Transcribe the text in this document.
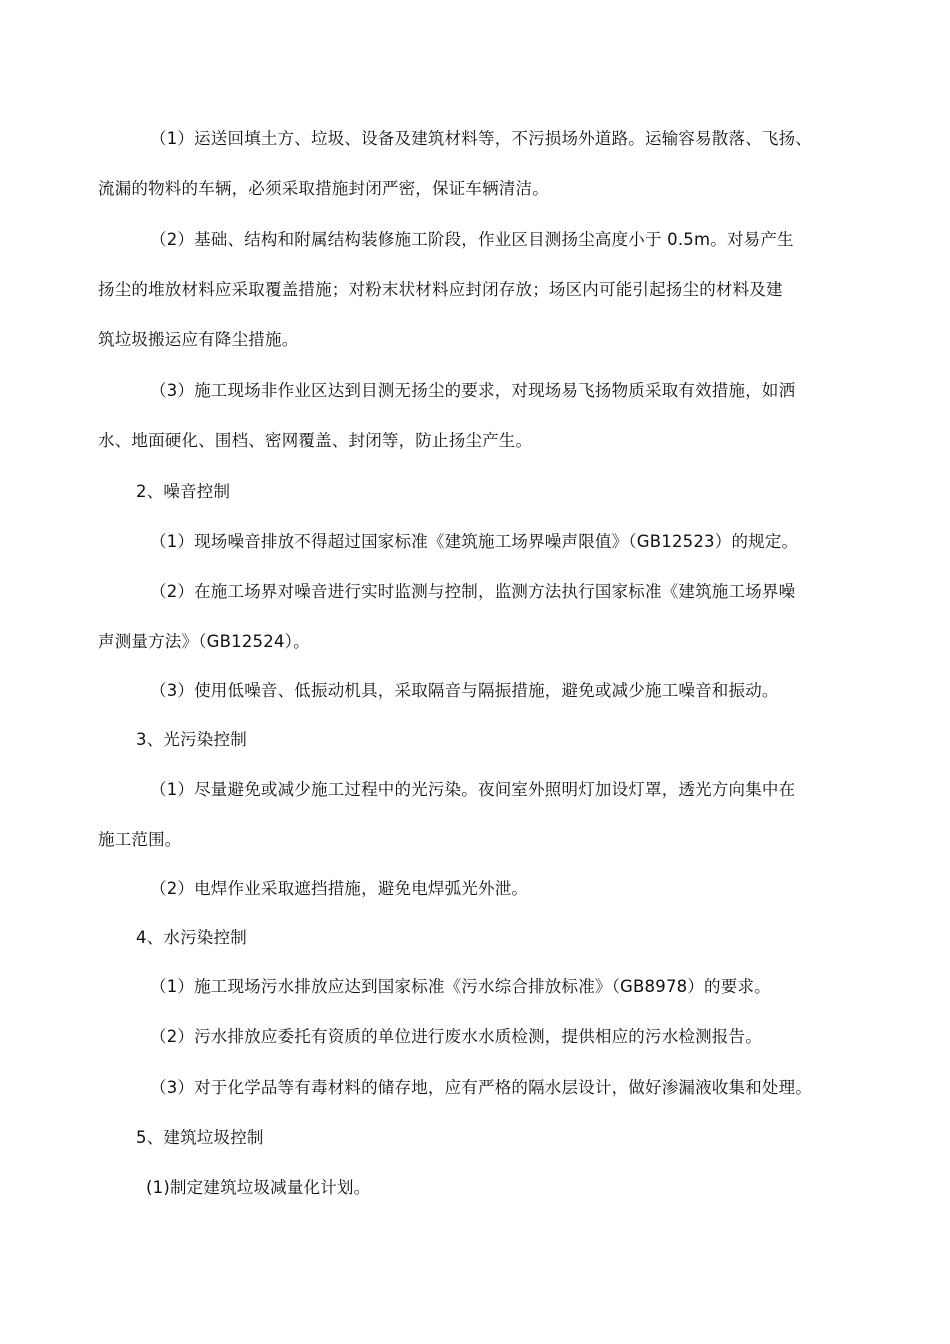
（1）运送回填土方、垃圾、设备及建筑材料等，不污损场外道路。运输容易散落、飞扬、
流漏的物料的车辆，必须采取措施封闭严密，保证车辆清洁。
（2）基础、结构和附属结构装修施工阶段，作业区目测扬尘高度小于 0.5m。对易产生
扬尘的堆放材料应采取覆盖措施；对粉末状材料应封闭存放；场区内可能引起扬尘的材料及建
筑垃圾搬运应有降尘措施。
（3）施工现场非作业区达到目测无扬尘的要求，对现场易飞扬物质采取有效措施，如洒
水、地面硬化、围档、密网覆盖、封闭等，防止扬尘产生。
2、噪音控制
（1）现场噪音排放不得超过国家标准《建筑施工场界噪声限值》（GB12523）的规定。
（2）在施工场界对噪音进行实时监测与控制，监测方法执行国家标准《建筑施工场界噪
声测量方法》（GB12524）。
（3）使用低噪音、低振动机具，采取隔音与隔振措施，避免或减少施工噪音和振动。
3、光污染控制
（1）尽量避免或减少施工过程中的光污染。夜间室外照明灯加设灯罩，透光方向集中在
施工范围。
（2）电焊作业采取遮挡措施，避免电焊弧光外泄。
4、水污染控制
（1）施工现场污水排放应达到国家标准《污水综合排放标准》（GB8978）的要求。
（2）污水排放应委托有资质的单位进行废水水质检测，提供相应的污水检测报告。
（3）对于化学品等有毒材料的储存地，应有严格的隔水层设计，做好渗漏液收集和处理。
5、建筑垃圾控制
(1)制定建筑垃圾减量化计划。
